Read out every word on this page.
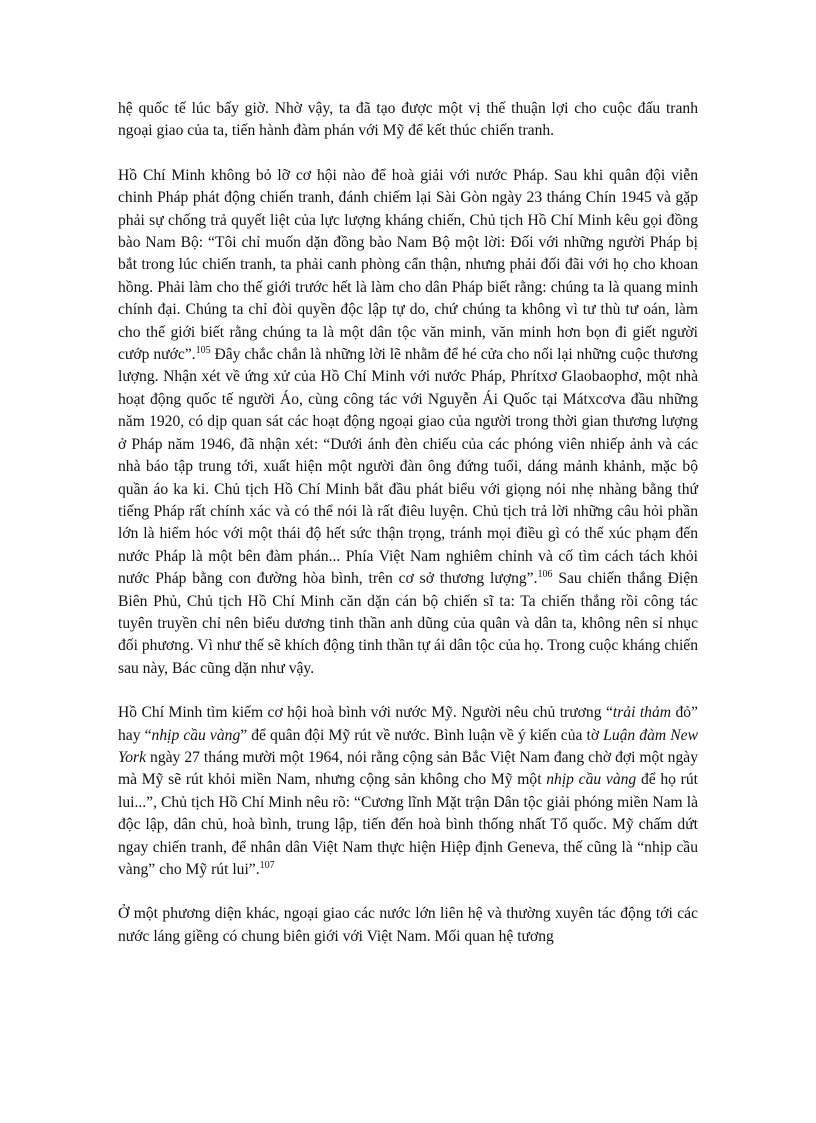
hệ quốc tế lúc bấy giờ. Nhờ vậy, ta đã tạo được một vị thế thuận lợi cho cuộc đấu tranh ngoại giao của ta, tiến hành đàm phán với Mỹ để kết thúc chiến tranh.

Hồ Chí Minh không bỏ lỡ cơ hội nào để hoà giải với nước Pháp. Sau khi quân đội viễn chinh Pháp phát động chiến tranh, đánh chiếm lại Sài Gòn ngày 23 tháng Chín 1945 và gặp phải sự chống trả quyết liệt của lực lượng kháng chiến, Chủ tịch Hồ Chí Minh kêu gọi đồng bào Nam Bộ: “Tôi chỉ muốn dặn đồng bào Nam Bộ một lời: Đối với những người Pháp bị bắt trong lúc chiến tranh, ta phải canh phòng cẩn thận, nhưng phải đối đãi với họ cho khoan hồng. Phải làm cho thế giới trước hết là làm cho dân Pháp biết rằng: chúng ta là quang minh chính đại. Chúng ta chỉ đòi quyền độc lập tự do, chứ chúng ta không vì tư thù tư oán, làm cho thế giới biết rằng chúng ta là một dân tộc văn minh, văn minh hơn bọn đi giết người cướp nước”.$^{105}$ Đây chắc chắn là những lời lẽ nhằm để hé cửa cho nối lại những cuộc thương lượng. Nhận xét về ứng xử của Hồ Chí Minh với nước Pháp, Phrítxơ Glaobaophơ, một nhà hoạt động quốc tế người Áo, cùng công tác với Nguyễn Ái Quốc tại Mátxcơva đầu những năm 1920, có dịp quan sát các hoạt động ngoại giao của người trong thời gian thương lượng ở Pháp năm 1946, đã nhận xét: “Dưới ánh đèn chiếu của các phóng viên nhiếp ảnh và các nhà báo tập trung tới, xuất hiện một người đàn ông đứng tuổi, dáng mảnh khảnh, mặc bộ quần áo ka ki. Chủ tịch Hồ Chí Minh bắt đầu phát biểu với giọng nói nhẹ nhàng bằng thứ tiếng Pháp rất chính xác và có thể nói là rất điêu luyện. Chủ tịch trả lời những câu hỏi phần lớn là hiểm hóc với một thái độ hết sức thận trọng, tránh mọi điều gì có thể xúc phạm đến nước Pháp là một bên đàm phán... Phía Việt Nam nghiêm chỉnh và cố tìm cách tách khỏi nước Pháp bằng con đường hòa bình, trên cơ sở thương lượng”.$^{106}$ Sau chiến thắng Điện Biên Phủ, Chủ tịch Hồ Chí Minh căn dặn cán bộ chiến sĩ ta: Ta chiến thắng rồi công tác tuyên truyền chỉ nên biểu dương tinh thần anh dũng của quân và dân ta, không nên sỉ nhục đối phương. Vì như thế sẽ khích động tinh thần tự ái dân tộc của họ. Trong cuộc kháng chiến sau này, Bác cũng dặn như vậy.

Hồ Chí Minh tìm kiếm cơ hội hoà bình với nước Mỹ. Người nêu chủ trương “trải thảm đỏ” hay “nhịp cầu vàng” để quân đội Mỹ rút về nước. Bình luận về ý kiến của tờ Luận đàm New York ngày 27 tháng mười một 1964, nói rằng cộng sản Bắc Việt Nam đang chờ đợi một ngày mà Mỹ sẽ rút khỏi miền Nam, nhưng cộng sản không cho Mỹ một nhịp cầu vàng để họ rút lui...”, Chủ tịch Hồ Chí Minh nêu rõ: “Cương lĩnh Mặt trận Dân tộc giải phóng miền Nam là độc lập, dân chủ, hoà bình, trung lập, tiến đến hoà bình thống nhất Tổ quốc. Mỹ chấm dứt ngay chiến tranh, để nhân dân Việt Nam thực hiện Hiệp định Geneva, thế cũng là “nhịp cầu vàng” cho Mỹ rút lui”.$^{107}$

Ở một phương diện khác, ngoại giao các nước lớn liên hệ và thường xuyên tác động tới các nước láng giềng có chung biên giới với Việt Nam. Mối quan hệ tương
